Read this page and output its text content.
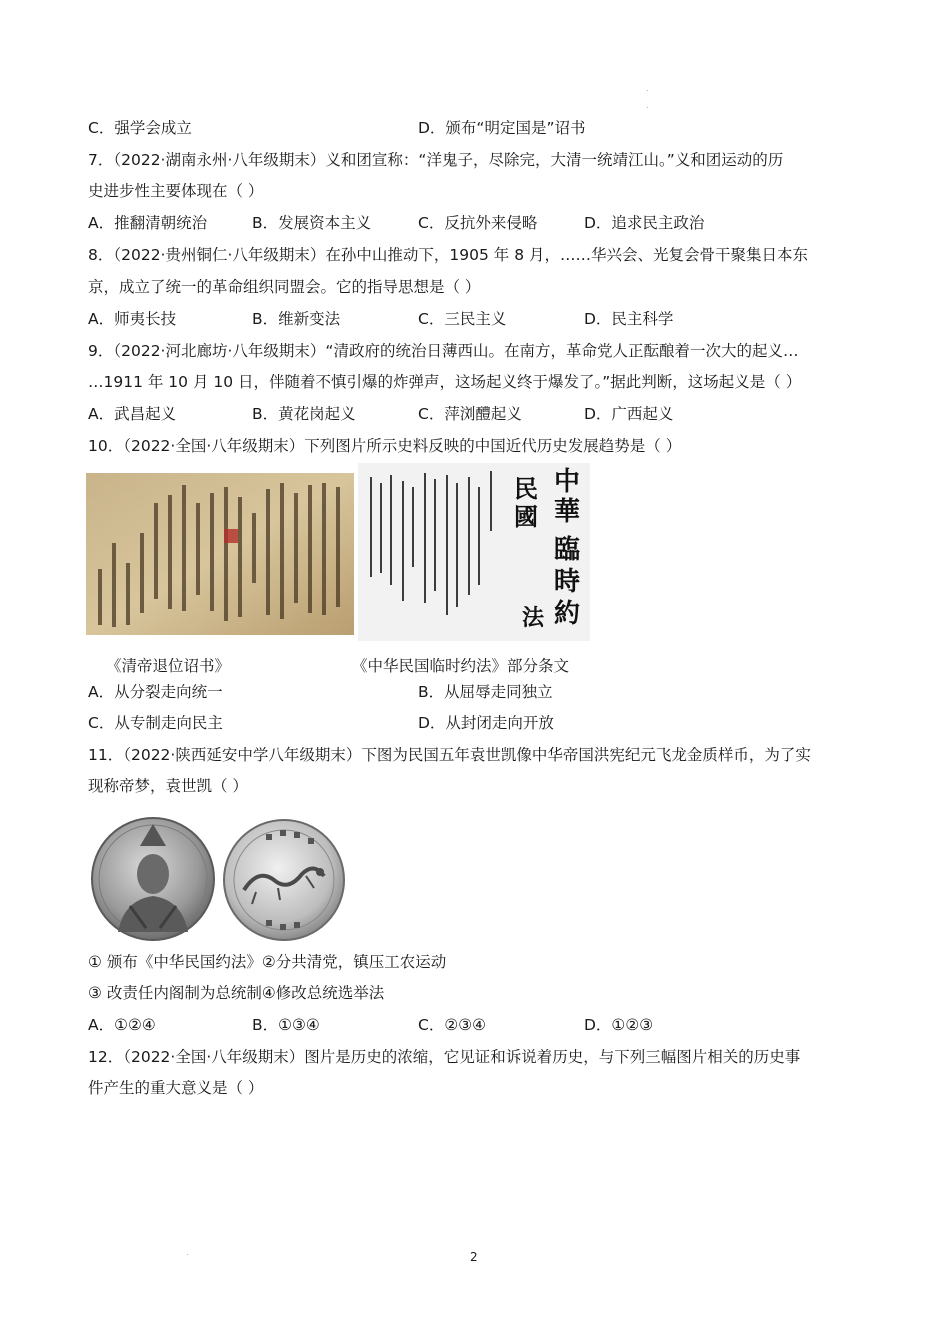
.
.
.
C．强学会成立	D．颁布“明定国是”诏书
7．（2022·湖南永州·八年级期末）义和团宣称：“洋鬼子，尽除完，大清一统靖江山。”义和团运动的历
史进步性主要体现在（ ）
A．推翻清朝统治	B．发展资本主义	C．反抗外来侵略	D．追求民主政治
8．（2022·贵州铜仁·八年级期末）在孙中山推动下，1905 年 8 月，……华兴会、光复会骨干聚集日本东
京，成立了统一的革命组织同盟会。它的指导思想是（ ）
A．师夷长技	B．维新变法	C．三民主义	D．民主科学
9．（2022·河北廊坊·八年级期末）“清政府的统治日薄西山。在南方，革命党人正酝酿着一次大的起义…
…1911 年 10 月 10 日，伴随着不慎引爆的炸弹声，这场起义终于爆发了。”据此判断，这场起义是（ ）
A．武昌起义	B．黄花岗起义	C．萍浏醴起义	D．广西起义
10．（2022·全国·八年级期末）下列图片所示史料反映的中国近代历史发展趋势是（ ）
中華
民國
臨
時
約
法
《清帝退位诏书》	《中华民国临时约法》部分条文
A．从分裂走向统一	B．从屈辱走同独立
C．从专制走向民主	D．从封闭走向开放
11．（2022·陕西延安中学八年级期末）下图为民国五年袁世凯像中华帝国洪宪纪元飞龙金质样币，为了实
现称帝梦，袁世凯（ ）
① 颁布《中华民国约法》②分共清党，镇压工农运动
③ 改责任内阁制为总统制④修改总统选举法
A．①②④	B．①③④	C．②③④	D．①②③
12．（2022·全国·八年级期末）图片是历史的浓缩，它见证和诉说着历史，与下列三幅图片相关的历史事
件产生的重大意义是（ ）
2
